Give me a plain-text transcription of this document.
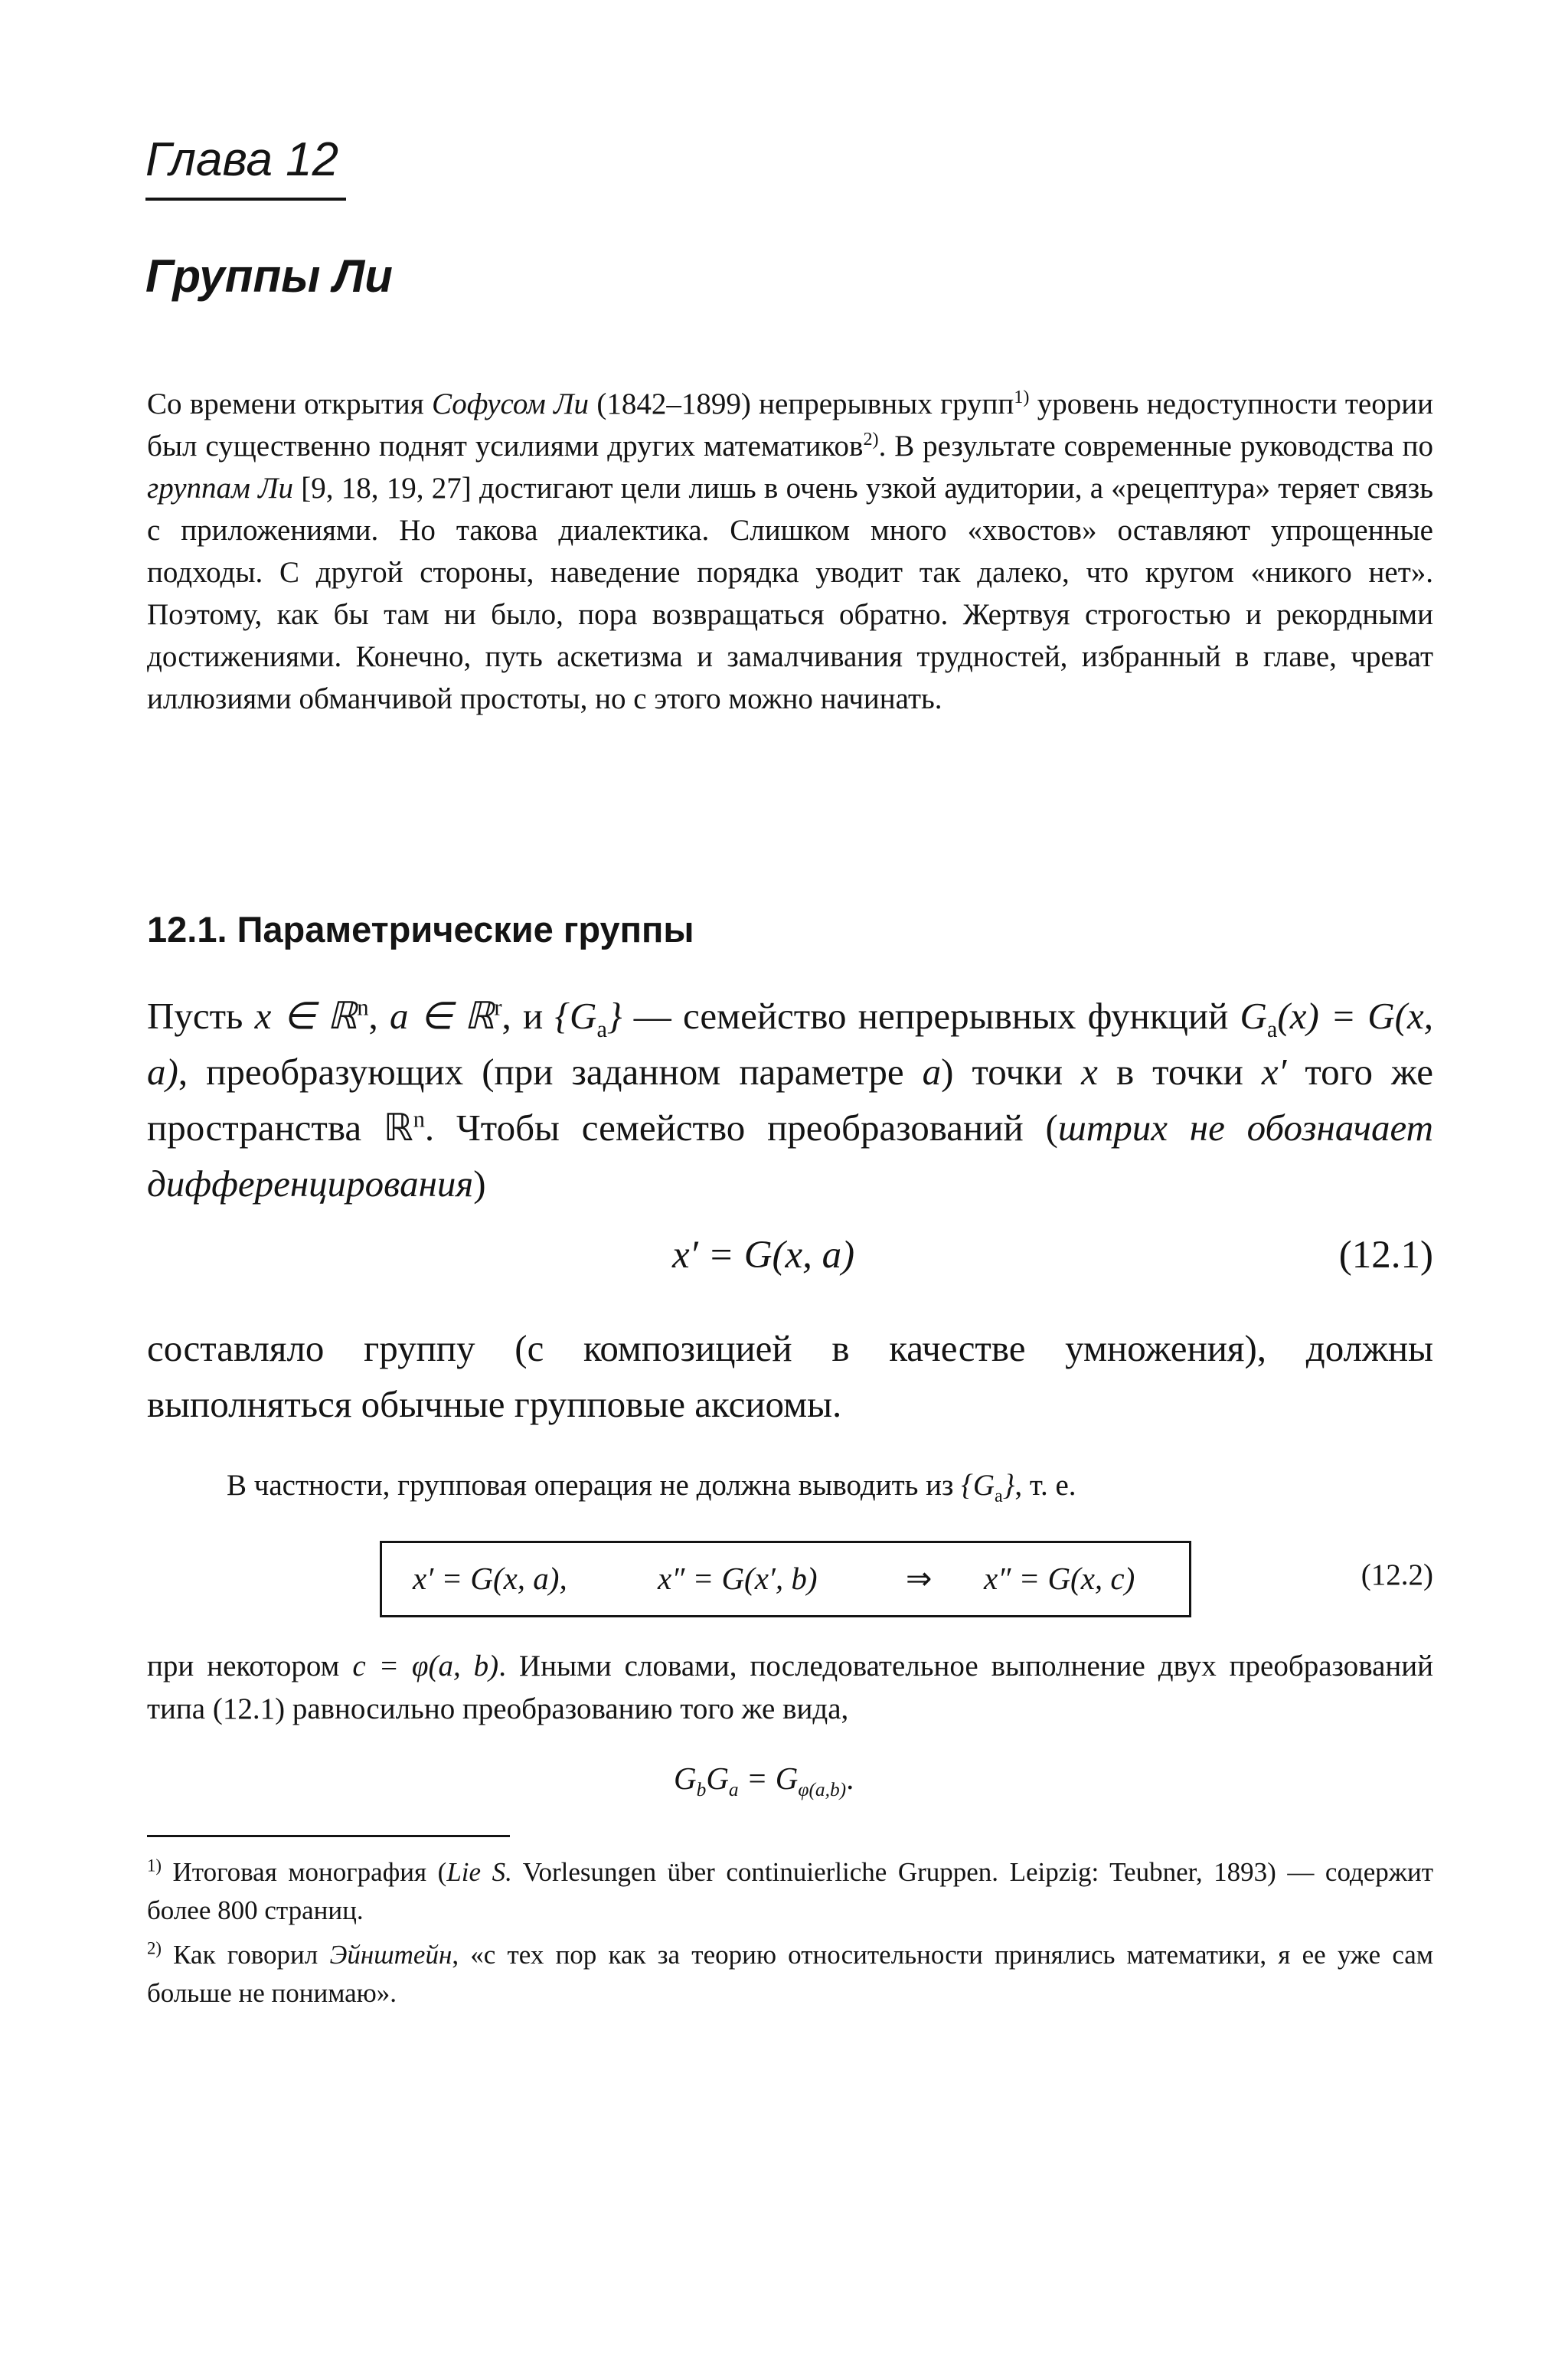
Глава 12
Группы Ли

Со времени открытия Софусом Ли (1842–1899) непрерывных групп$^{1)}$ уровень недоступности теории был существенно поднят усилиями других математиков$^{2)}$. В результате современные руководства по группам Ли [9, 18, 19, 27] достигают цели лишь в очень узкой аудитории, а «рецептура» теряет связь с приложениями. Но такова диалектика. Слишком много «хвостов» оставляют упрощенные подходы. С другой стороны, наведение порядка уводит так далеко, что кругом «никого нет». Поэтому, как бы там ни было, пора возвращаться обратно. Жертвуя строгостью и рекордными достижениями. Конечно, путь аскетизма и замалчивания трудностей, избранный в главе, чреват иллюзиями обманчивой простоты, но с этого можно начинать.

12.1. Параметрические группы

Пусть x ∈ ℝ$^n$, a ∈ ℝ$^r$, и $\{G_a\}$ — семейство непрерывных функций $G_a(x) = G(x$, a), преобразующих (при заданном параметре a) точки x в точки x′ того же пространства ℝ$^n$. Чтобы семейство преобразований (штрих не обозначает дифференцирования)

x′ = G(x, a)	(12.1)

составляло группу (с композицией в качестве умножения), должны выполняться обычные групповые аксиомы.

В частности, групповая операция не должна выводить из $\{G_a\}$, т. е.

x′ = G(x, a),	x″ = G(x′, b)	⇒ x″ = G(x, c)	(12.2)

при некотором c = φ(a, b). Иными словами, последовательное выполнение двух преобразований типа (12.1) равносильно преобразованию того же вида,

$G_bG_a = G_{\varphi(a,b)}$.

$^{1)}$ Итоговая монография (Lie S. Vorlesungen über continuierliche Gruppen. Leipzig: Teubner, 1893) — содержит более 800 страниц.

$^{2)}$ Как говорил Эйнштейн, «с тех пор как за теорию относительности принялись математики, я ее уже сам больше не понимаю».
